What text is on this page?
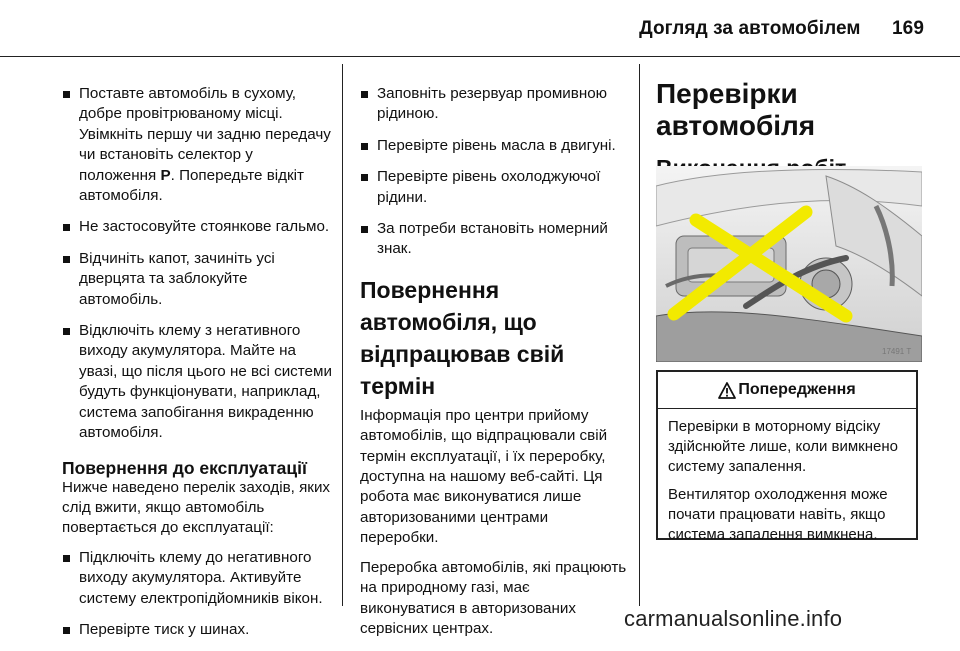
Догляд за автомобілем 169
Поставте автомобіль в сухому, добре провітрюваному місці. Увімкніть першу чи задню передачу чи встановіть селектор у положення P. Попередьте відкіт автомобіля.
Не застосовуйте стоянкове гальмо.
Відчиніть капот, зачиніть усі дверцята та заблокуйте автомобіль.
Відключіть клему з негативного виходу акумулятора. Майте на увазі, що після цього не всі системи будуть функціонувати, наприклад, система запобігання викраденню автомобіля.
Повернення до експлуатації

Нижче наведено перелік заходів, яких слід вжити, якщо автомобіль повертається до експлуатації:

Підключіть клему до негативного виходу акумулятора. Активуйте систему електропідйомників вікон.
Перевірте тиск у шинах.
Заповніть резервуар промивною рідиною.
Перевірте рівень масла в двигуні.
Перевірте рівень охолоджуючої рідини.
За потреби встановіть номерний знак.
Повернення автомобіля, що відпрацював свій термін

Інформація про центри прийому автомобілів, що відпрацювали свій термін експлуатації, і їх переробку, доступна на нашому веб-сайті. Ця робота має виконуватися лише авторизованими центрами переробки.

Переробка автомобілів, які працюють на природному газі, має виконуватися в авторизованих сервісних центрах.

Перевірки автомобіля
17491 T
Попередження

Перевірки в моторному відсіку здійснюйте лише, коли вимкнено систему запалення.

Вентилятор охолодження може почати працювати навіть, якщо система запалення вимкнена.

carmanualsonline.info
